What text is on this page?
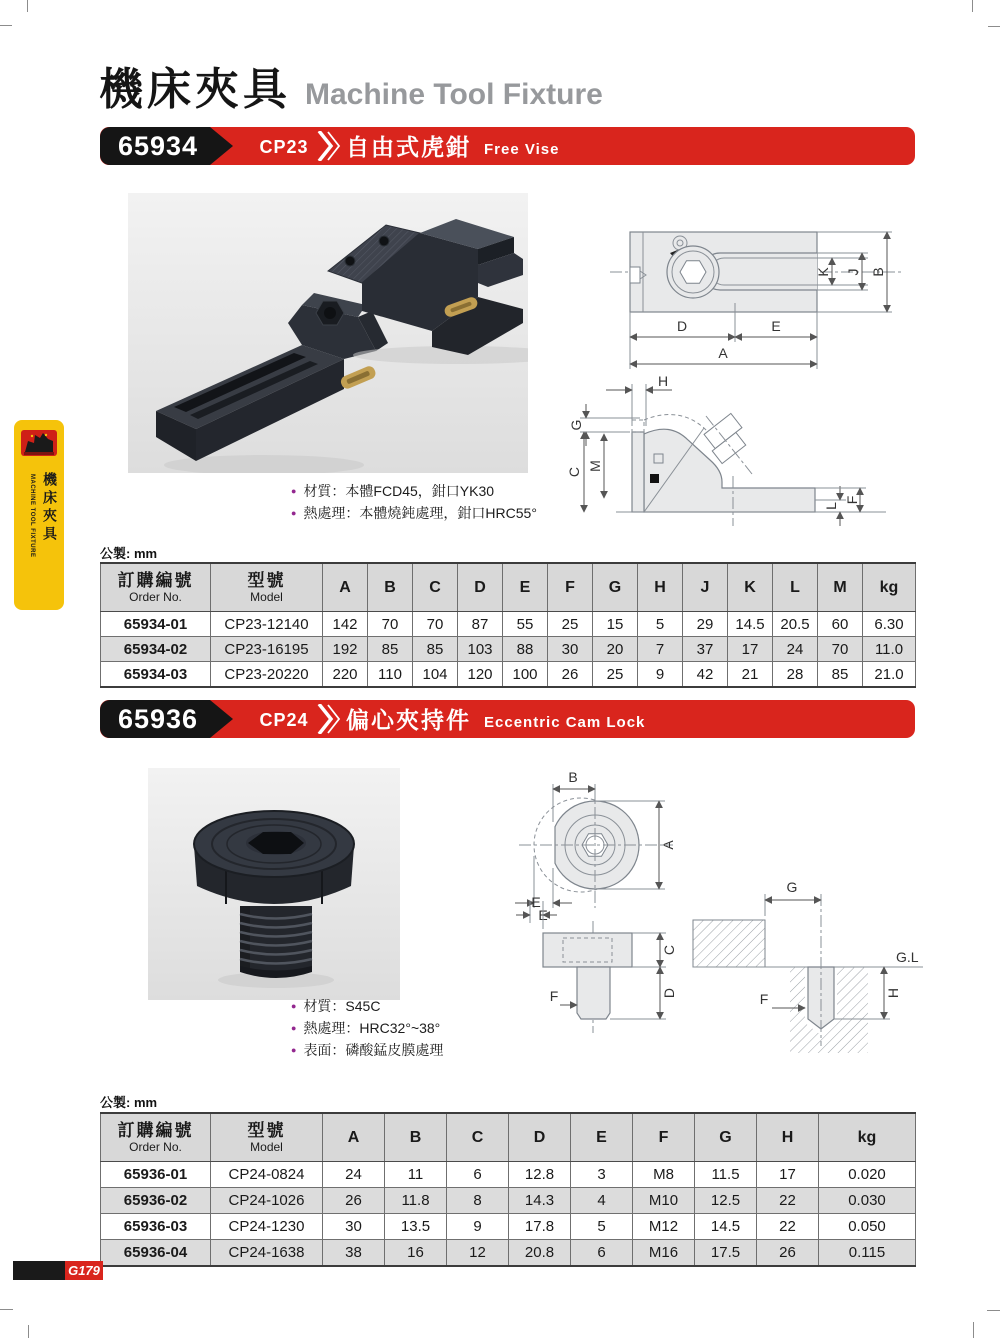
機床夾具 Machine Tool Fixture
65934	CP23	自由式虎鉗 Free Vise
K J B
D	E
A
H
G
C
M
L
F
● 材質：本體FCD45，鉗口YK30
● 熱處理：本體燒鈍處理，鉗口HRC55°
公製: mm
訂購編號
Order No.

型號
Model
	A	B	C	D	E	F	G	H	J	K	L	M	kg
65934-01	CP23-12140	142	70	70	87	55	25	15	5	29	14.5	20.5	60	6.30
65934-02	CP23-16195	192	85	85	103	88	30	20	7	37	17	24	70	11.0
65934-03	CP23-20220	220	110	104	120	100	26	25	9	42	21	28	85	21.0
65936	CP24	偏心夾持件 Eccentric Cam Lock
B
A
E
E
C
D
F
G
G.L
F	H
● 材質：S45C
● 熱處理：HRC32°~38°
● 表面：磷酸錳皮膜處理
公製: mm
訂購編號
Order No.

型號
Model
	A	B	C	D	E	F	G	H	kg
65936-01	CP24-0824	24	11	6	12.8	3	M8	11.5	17	0.020
65936-02	CP24-1026	26	11.8	8	14.3	4	M10	12.5	22	0.030
65936-03	CP24-1230	30	13.5	9	17.8	5	M12	14.5	22	0.050
65936-04	CP24-1638	38	16	12	20.8	6	M16	17.5	26	0.115
機床夾具
MACHINE TOOL FIXTURE
G179
